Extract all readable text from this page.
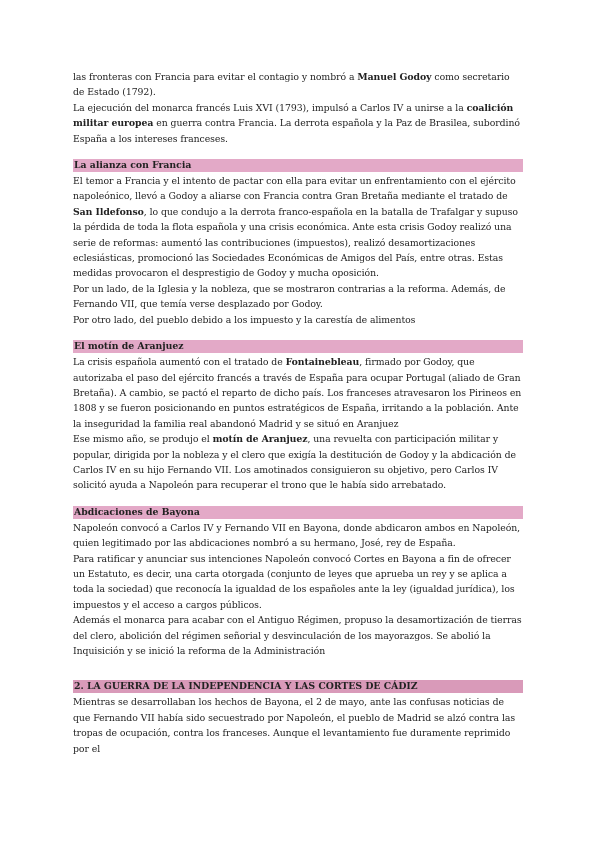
las fronteras con Francia para evitar el contagio y nombró a Manuel Godoy como secretario de Estado (1792).

La ejecución del monarca francés Luis XVI (1793), impulsó a Carlos IV a unirse a la coalición militar europea en guerra contra Francia. La derrota española y la Paz de Brasilea, subordinó España a los intereses franceses.

La alianza con Francia

El temor a Francia y el intento de pactar con ella para evitar un enfrentamiento con el ejército napoleónico, llevó a Godoy a aliarse con Francia contra Gran Bretaña mediante el tratado de San Ildefonso, lo que condujo a la derrota franco-española en la batalla de Trafalgar y supuso la pérdida de toda la flota española y una crisis económica. Ante esta crisis Godoy realizó una serie de reformas: aumentó las contribuciones (impuestos), realizó desamortizaciones eclesiásticas, promocionó las Sociedades Económicas de Amigos del País, entre otras. Estas medidas provocaron el desprestigio de Godoy y mucha oposición.

Por un lado, de la Iglesia y la nobleza, que se mostraron contrarias a la reforma. Además, de Fernando VII, que temía verse desplazado por Godoy.

Por otro lado, del pueblo debido a los impuesto y la carestía de alimentos

El motín de Aranjuez

La crisis española aumentó con el tratado de Fontainebleau, firmado por Godoy, que autorizaba el paso del ejército francés a través de España para ocupar Portugal (aliado de Gran Bretaña). A cambio, se pactó el reparto de dicho país. Los franceses atravesaron los Pirineos en 1808 y se fueron posicionando en puntos estratégicos de España, irritando a la población. Ante la inseguridad la familia real abandonó Madrid y se situó en Aranjuez

Ese mismo año, se produjo el motín de Aranjuez, una revuelta con participación militar y popular, dirigida por la nobleza y el clero que exigía la destitución de Godoy y la abdicación de Carlos IV en su hijo Fernando VII. Los amotinados consiguieron su objetivo, pero Carlos IV solicitó ayuda a Napoleón para recuperar el trono que le había sido arrebatado.

Abdicaciones de Bayona

Napoleón convocó a Carlos IV y Fernando VII en Bayona, donde abdicaron ambos en Napoleón, quien legitimado por las abdicaciones nombró a su hermano, José, rey de España.

Para ratificar y anunciar sus intenciones Napoleón convocó Cortes en Bayona a fin de ofrecer un Estatuto, es decir, una carta otorgada (conjunto de leyes que aprueba un rey y se aplica a toda la sociedad) que reconocía la igualdad de los españoles ante la ley (igualdad jurídica), los impuestos y el acceso a cargos públicos.

Además el monarca para acabar con el Antiguo Régimen, propuso la desamortización de tierras del clero, abolición del régimen señorial y desvinculación de los mayorazgos. Se abolió la Inquisición y se inició la reforma de la Administración

2. LA GUERRA DE LA INDEPENDENCIA Y LAS CORTES DE CÁDIZ

Mientras se desarrollaban los hechos de Bayona, el 2 de mayo, ante las confusas noticias de que Fernando VII había sido secuestrado por Napoleón, el pueblo de Madrid se alzó contra las tropas de ocupación, contra los franceses. Aunque el levantamiento fue duramente reprimido por el
